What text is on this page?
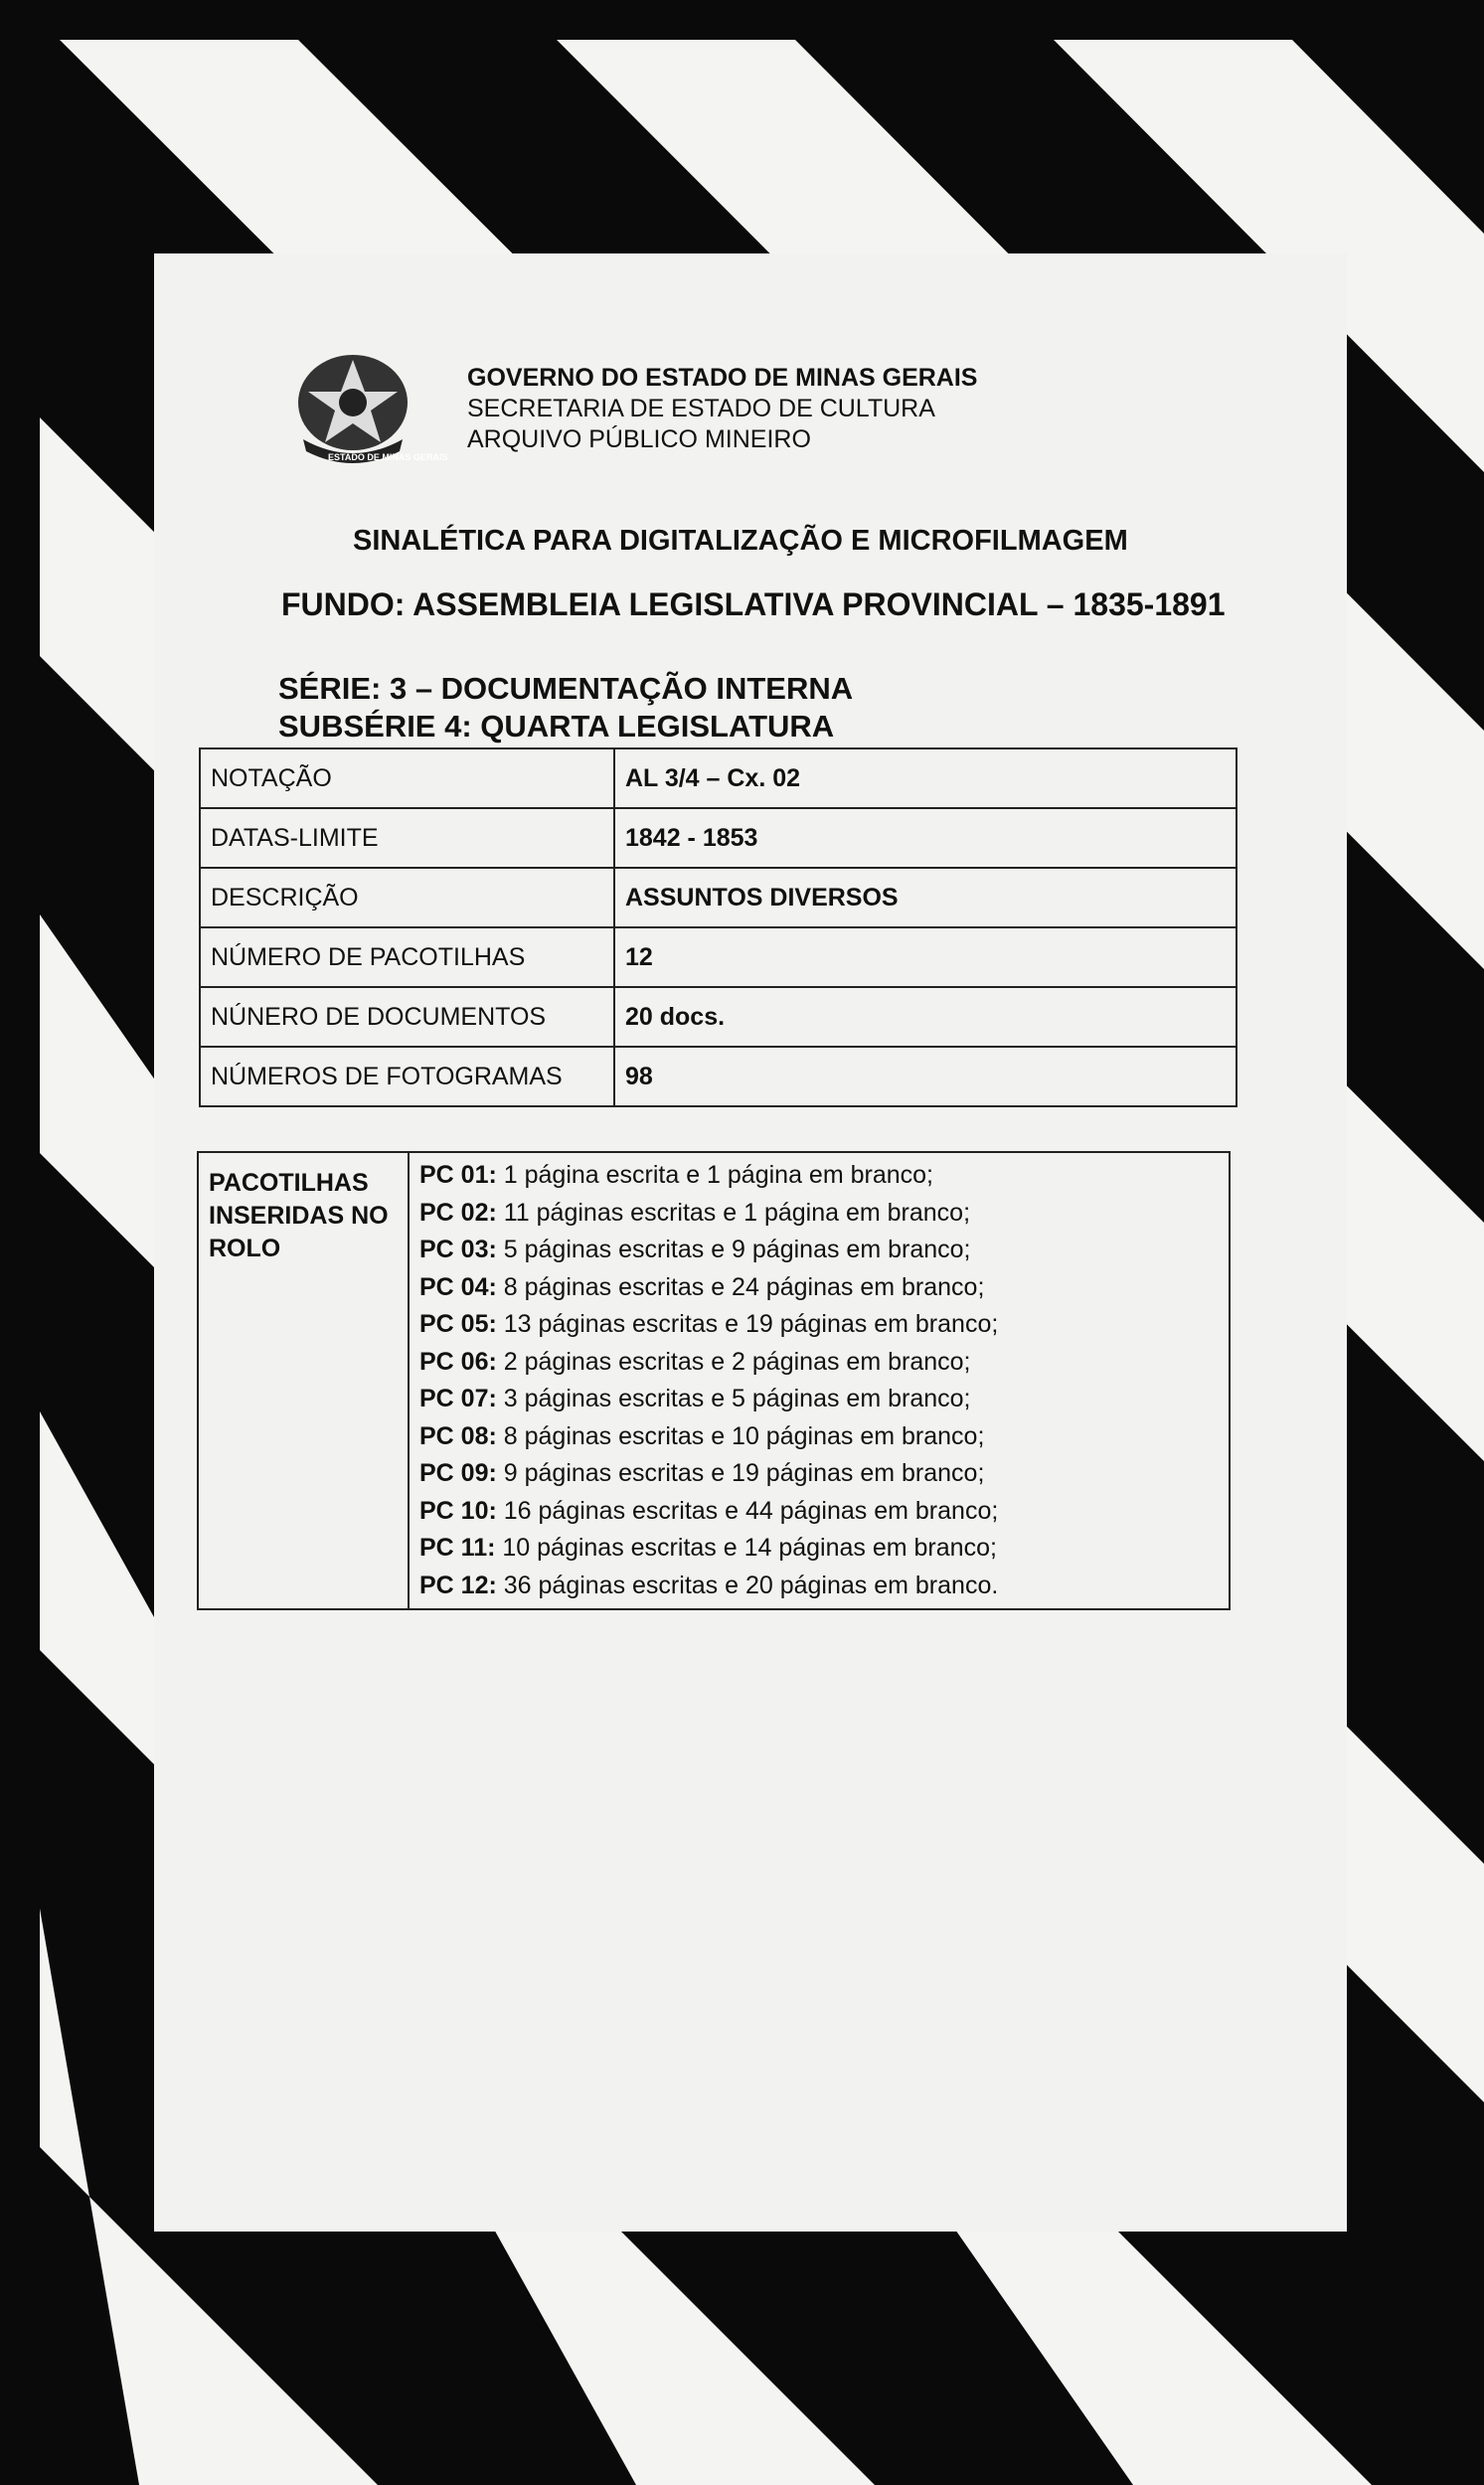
ESTADO DE MINAS GERAIS
GOVERNO DO ESTADO DE MINAS GERAIS
SECRETARIA DE ESTADO DE CULTURA
ARQUIVO PÚBLICO MINEIRO
SINALÉTICA PARA DIGITALIZAÇÃO E MICROFILMAGEM
FUNDO: ASSEMBLEIA LEGISLATIVA PROVINCIAL – 1835-1891
SÉRIE: 3 – DOCUMENTAÇÃO INTERNA
SUBSÉRIE 4: QUARTA LEGISLATURA
NOTAÇÃO	AL 3/4 – Cx. 02
DATAS-LIMITE	1842 - 1853
DESCRIÇÃO	ASSUNTOS DIVERSOS
NÚMERO DE PACOTILHAS	12
NÚNERO DE DOCUMENTOS	20 docs.
NÚMEROS DE FOTOGRAMAS	98
PACOTILHAS INSERIDAS NO ROLO	
PC 01: 1 página escrita e 1 página em branco;
PC 02: 11 páginas escritas e 1 página em branco;
PC 03: 5 páginas escritas e 9 páginas em branco;
PC 04: 8 páginas escritas e 24 páginas em branco;
PC 05: 13 páginas escritas e 19 páginas em branco;
PC 06: 2 páginas escritas e 2 páginas em branco;
PC 07: 3 páginas escritas e 5 páginas em branco;
PC 08: 8 páginas escritas e 10 páginas em branco;
PC 09: 9 páginas escritas e 19 páginas em branco;
PC 10: 16 páginas escritas e 44 páginas em branco;
PC 11: 10 páginas escritas e 14 páginas em branco;
PC 12: 36 páginas escritas e 20 páginas em branco.
